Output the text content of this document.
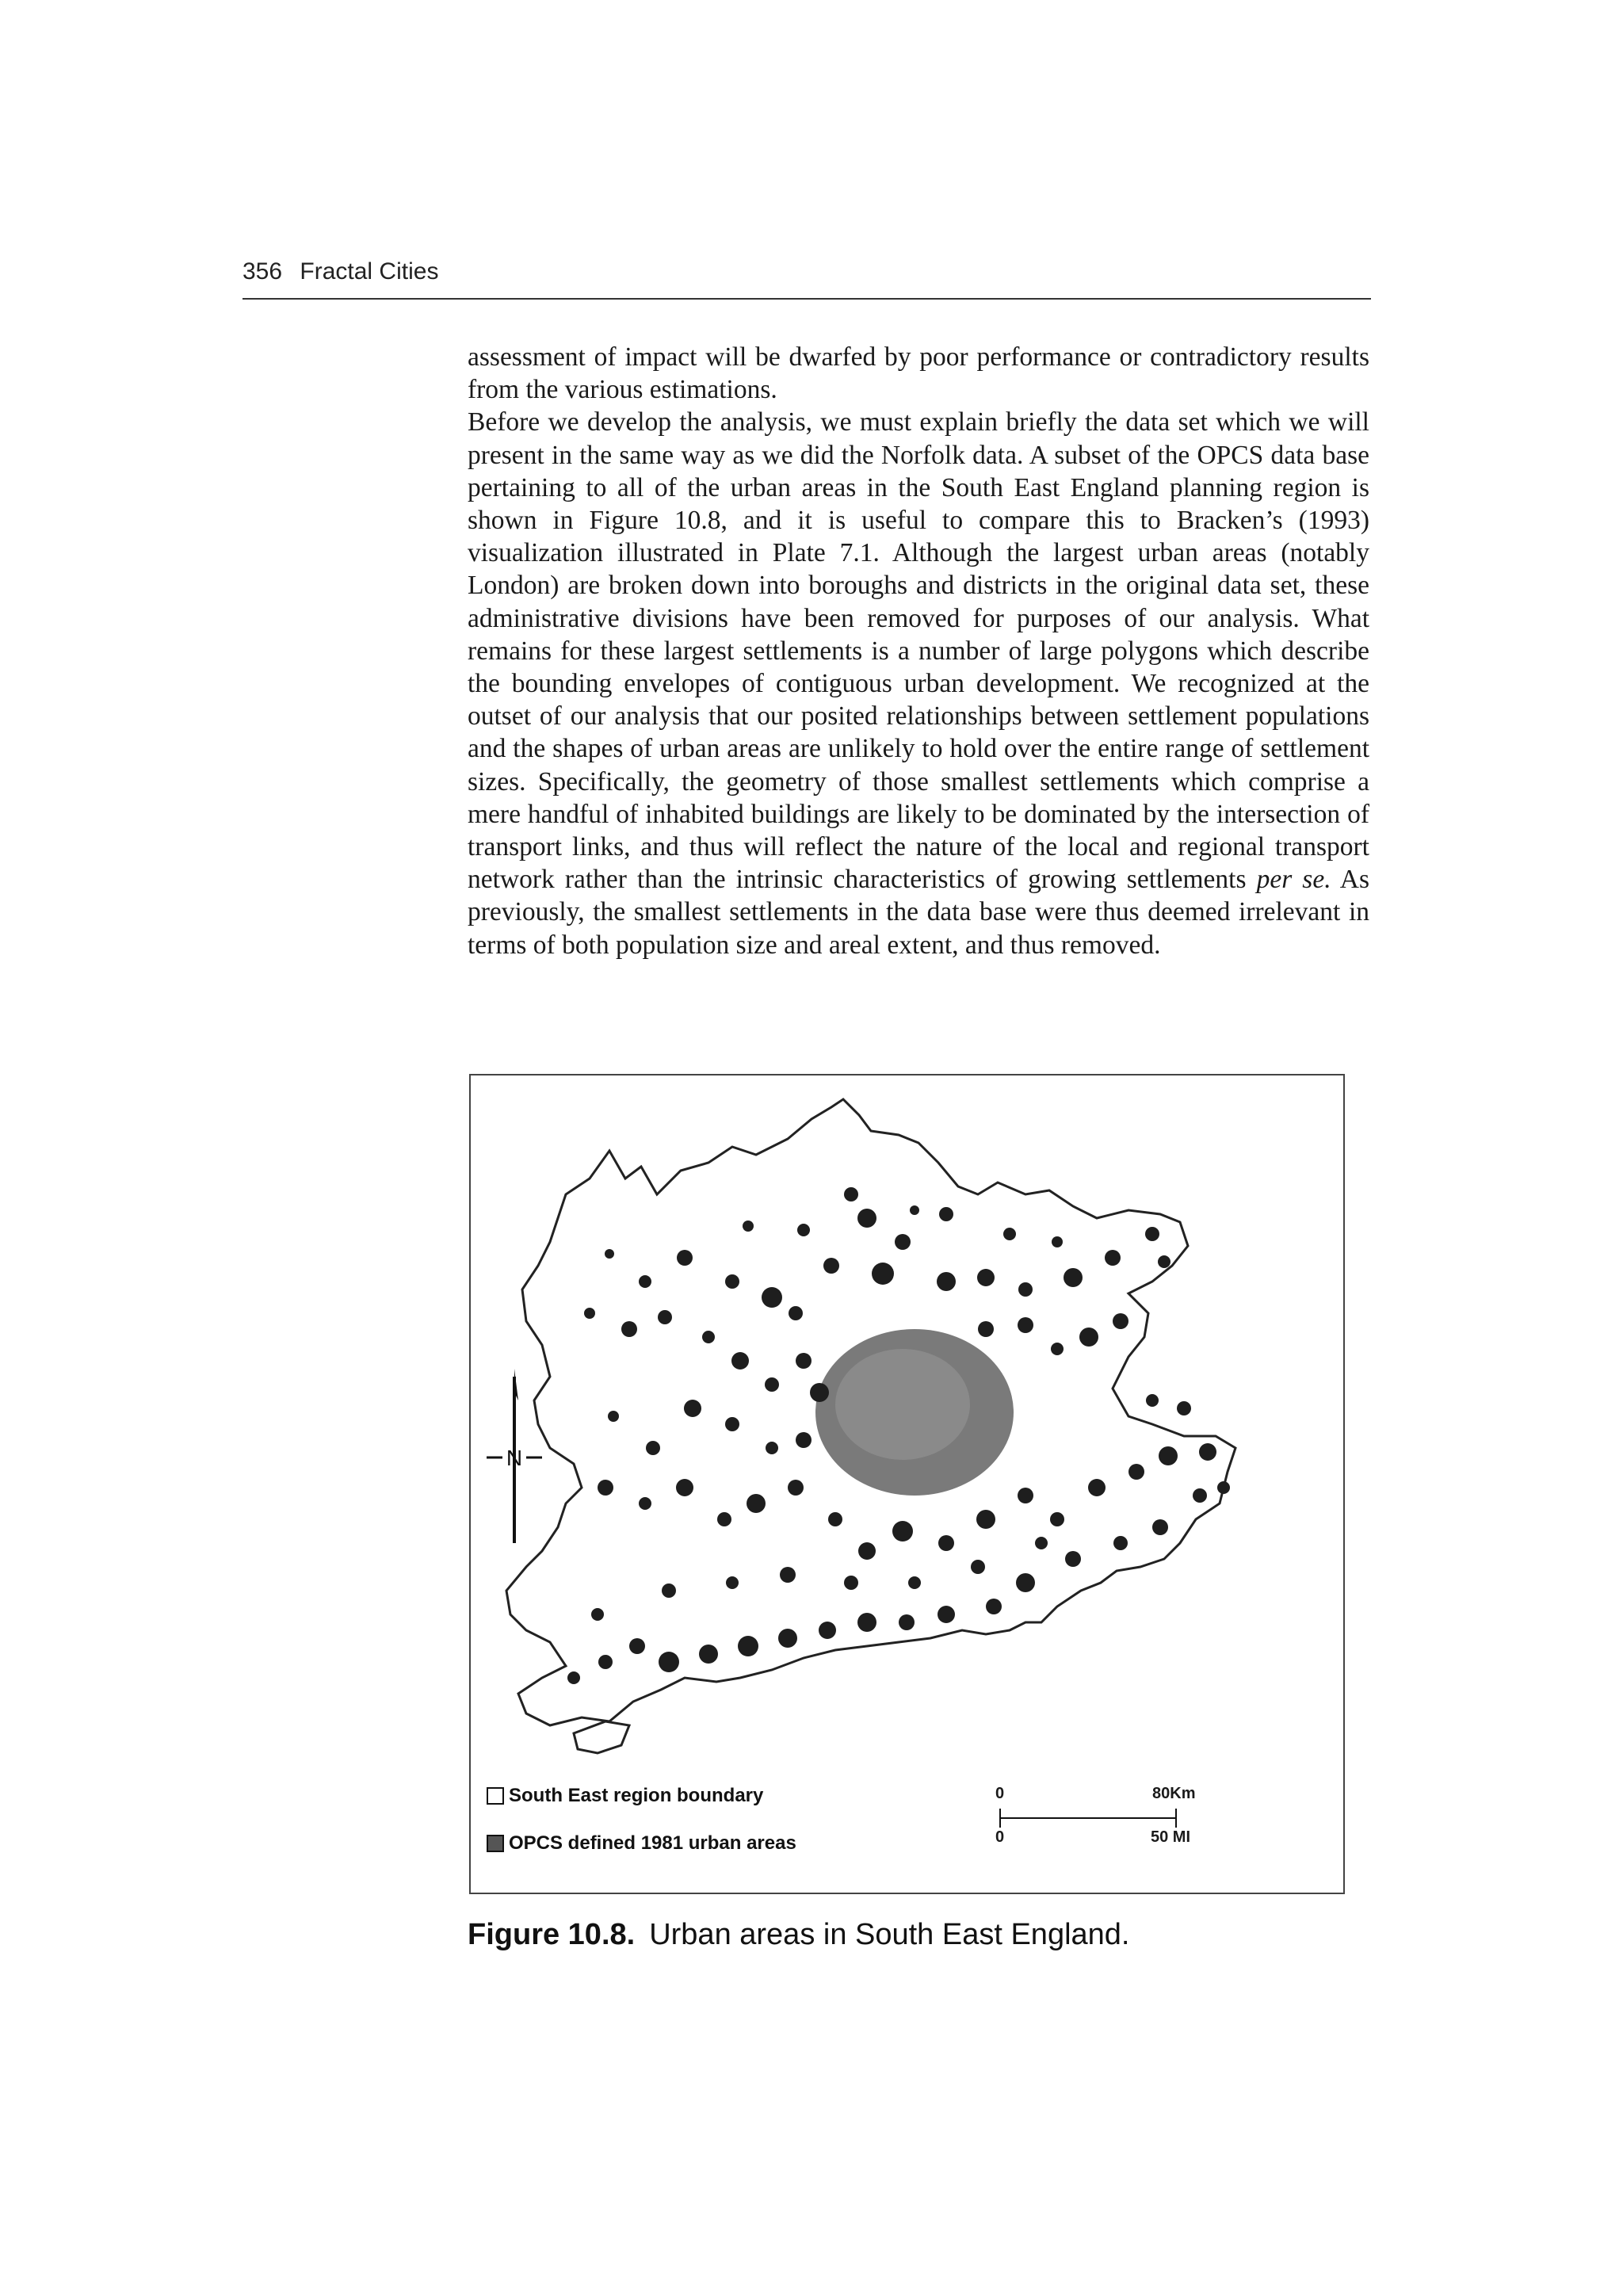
356 Fractal Cities

assessment of impact will be dwarfed by poor performance or contradictory results from the various estimations.

Before we develop the analysis, we must explain briefly the data set which we will present in the same way as we did the Norfolk data. A subset of the OPCS data base pertaining to all of the urban areas in the South East England planning region is shown in Figure 10.8, and it is useful to compare this to Bracken’s (1993) visualization illustrated in Plate 7.1. Although the largest urban areas (notably London) are broken down into boroughs and districts in the original data set, these administrative divisions have been removed for purposes of our analysis. What remains for these largest settlements is a number of large polygons which describe the bounding envelopes of contiguous urban development. We recognized at the outset of our analysis that our posited relationships between settlement populations and the shapes of urban areas are unlikely to hold over the entire range of settlement sizes. Specifically, the geometry of those smallest settlements which comprise a mere handful of inhabited buildings are likely to be dominated by the intersection of transport links, and thus will reflect the nature of the local and regional transport network rather than the intrinsic characteristics of growing settlements per se. As previously, the smallest settlements in the data base were thus deemed irrelevant in terms of both population size and areal extent, and thus removed.

N
South East region boundary
OPCS defined 1981 urban areas
0	80Km
0	50 MI
Figure 10.8. Urban areas in South East England.
